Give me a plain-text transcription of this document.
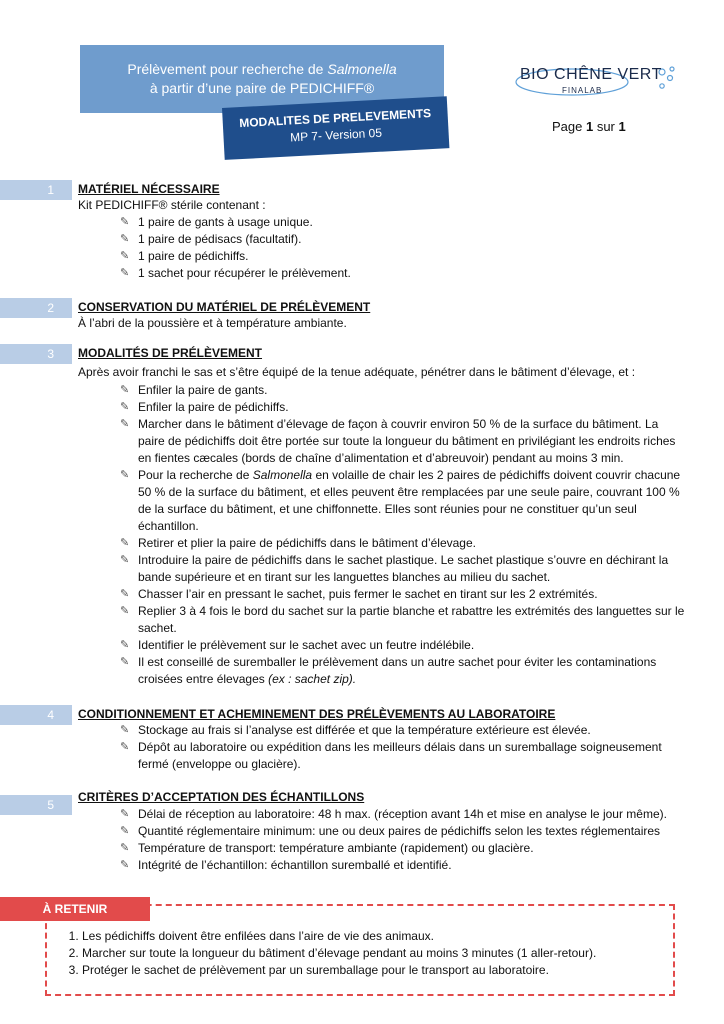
Prélèvement pour recherche de Salmonella
à partir d’une paire de PEDICHIFF®
MODALITES DE PRELEVEMENTS
MP 7- Version 05
BIO CHÊNE VERT
FINALAB
Page 1 sur 1
1	MATÉRIEL NÉCESSAIRE
Kit PEDICHIFF® stérile contenant :
✎ 1 paire de gants à usage unique.
✎ 1 paire de pédisacs (facultatif).
✎ 1 paire de pédichiffs.
✎ 1 sachet pour récupérer le prélèvement.
2	CONSERVATION DU MATÉRIEL DE PRÉLÈVEMENT
À l’abri de la poussière et à température ambiante.
3	MODALITÉS DE PRÉLÈVEMENT
Après avoir franchi le sas et s’être équipé de la tenue adéquate, pénétrer dans le bâtiment d’élevage, et :
✎ Enfiler la paire de gants.
✎ Enfiler la paire de pédichiffs.
✎ Marcher dans le bâtiment d’élevage de façon à couvrir environ 50 % de la surface du bâtiment. La paire de pédichiffs doit être portée sur toute la longueur du bâtiment en privilégiant les endroits riches en fientes cæcales (bords de chaîne d’alimentation et d’abreuvoir) pendant au moins 3 min.
✎ Pour la recherche de Salmonella en volaille de chair les 2 paires de pédichiffs doivent couvrir chacune 50 % de la surface du bâtiment, et elles peuvent être remplacées par une seule paire, couvrant 100 % de la surface du bâtiment, et une chiffonnette. Elles sont réunies pour ne constituer qu’un seul échantillon.
✎ Retirer et plier la paire de pédichiffs dans le bâtiment d’élevage.
✎ Introduire la paire de pédichiffs dans le sachet plastique. Le sachet plastique s’ouvre en déchirant la bande supérieure et en tirant sur les languettes blanches au milieu du sachet.
✎ Chasser l’air en pressant le sachet, puis fermer le sachet en tirant sur les 2 extrémités.
✎ Replier 3 à 4 fois le bord du sachet sur la partie blanche et rabattre les extrémités des languettes sur le sachet.
✎ Identifier le prélèvement sur le sachet avec un feutre indélébile.
✎ Il est conseillé de suremballer le prélèvement dans un autre sachet pour éviter les contaminations croisées entre élevages (ex : sachet zip).
4	CONDITIONNEMENT ET ACHEMINEMENT DES PRÉLÈVEMENTS AU LABORATOIRE
✎ Stockage au frais si l’analyse est différée et que la température extérieure est élevée.
✎ Dépôt au laboratoire ou expédition dans les meilleurs délais dans un suremballage soigneusement fermé (enveloppe ou glacière).
5
CRITÈRES D’ACCEPTATION DES ÉCHANTILLONS
✎ Délai de réception au laboratoire: 48 h max. (réception avant 14h et mise en analyse le jour même).
✎ Quantité réglementaire minimum: une ou deux paires de pédichiffs selon les textes réglementaires
✎ Température de transport: température ambiante (rapidement) ou glacière.
✎ Intégrité de l’échantillon: échantillon suremballé et identifié.
À RETENIR
1. Les pédichiffs doivent être enfilées dans l’aire de vie des animaux.
2. Marcher sur toute la longueur du bâtiment d’élevage pendant au moins 3 minutes (1 aller-retour).
3. Protéger le sachet de prélèvement par un suremballage pour le transport au laboratoire.
